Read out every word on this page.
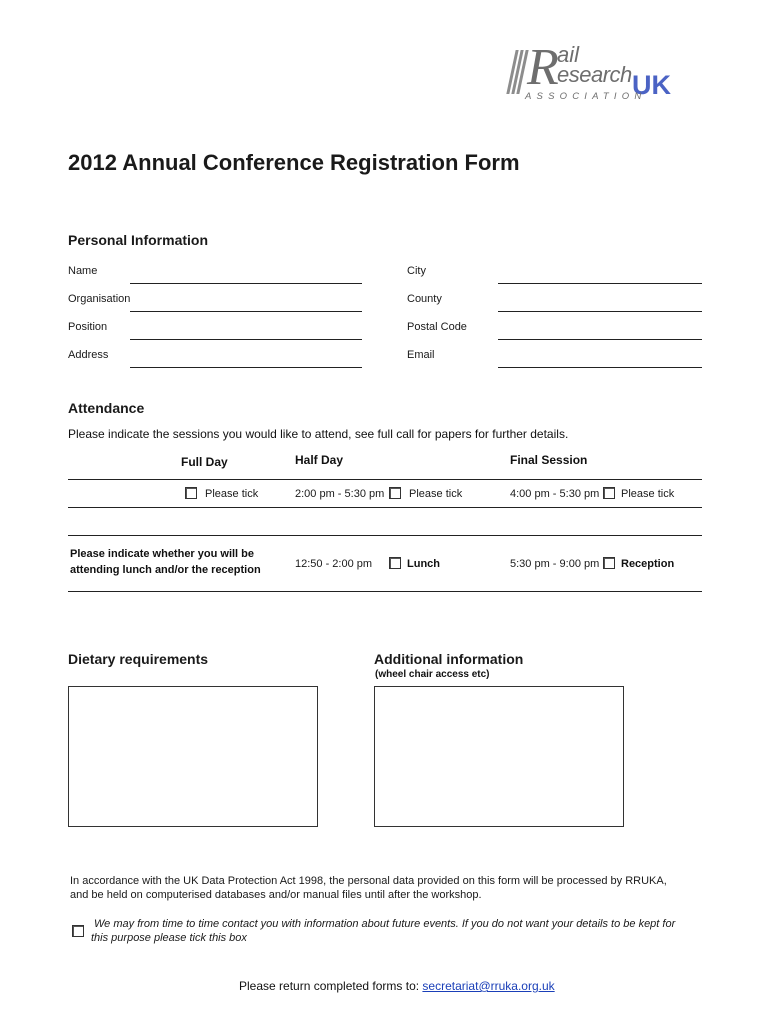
R
ail
esearch UK
ASSOCIATION
2012 Annual Conference Registration Form
Personal Information
Name
Organisation
Position
Address
City
County
Postal Code
Email
Attendance
Please indicate the sessions you would like to attend, see full call for papers for further details.
Full Day	Half Day	Final Session
Please tick	2:00 pm - 5:30 pm Please tick	4:00 pm - 5:30 pm Please tick
Please indicate whether you will be
attending lunch and/or the reception	12:50 - 2:00 pm	Lunch	5:30 pm - 9:00 pm Reception
Dietary requirements	Additional information
(wheel chair access etc)
In accordance with the UK Data Protection Act 1998, the personal data provided on this form will be processed by RRUKA,
and be held on computerised databases and/or manual files until after the workshop.
We may from time to time contact you with information about future events. If you do not want your details to be kept for
this purpose please tick this box
Please return completed forms to: secretariat@rruka.org.uk
